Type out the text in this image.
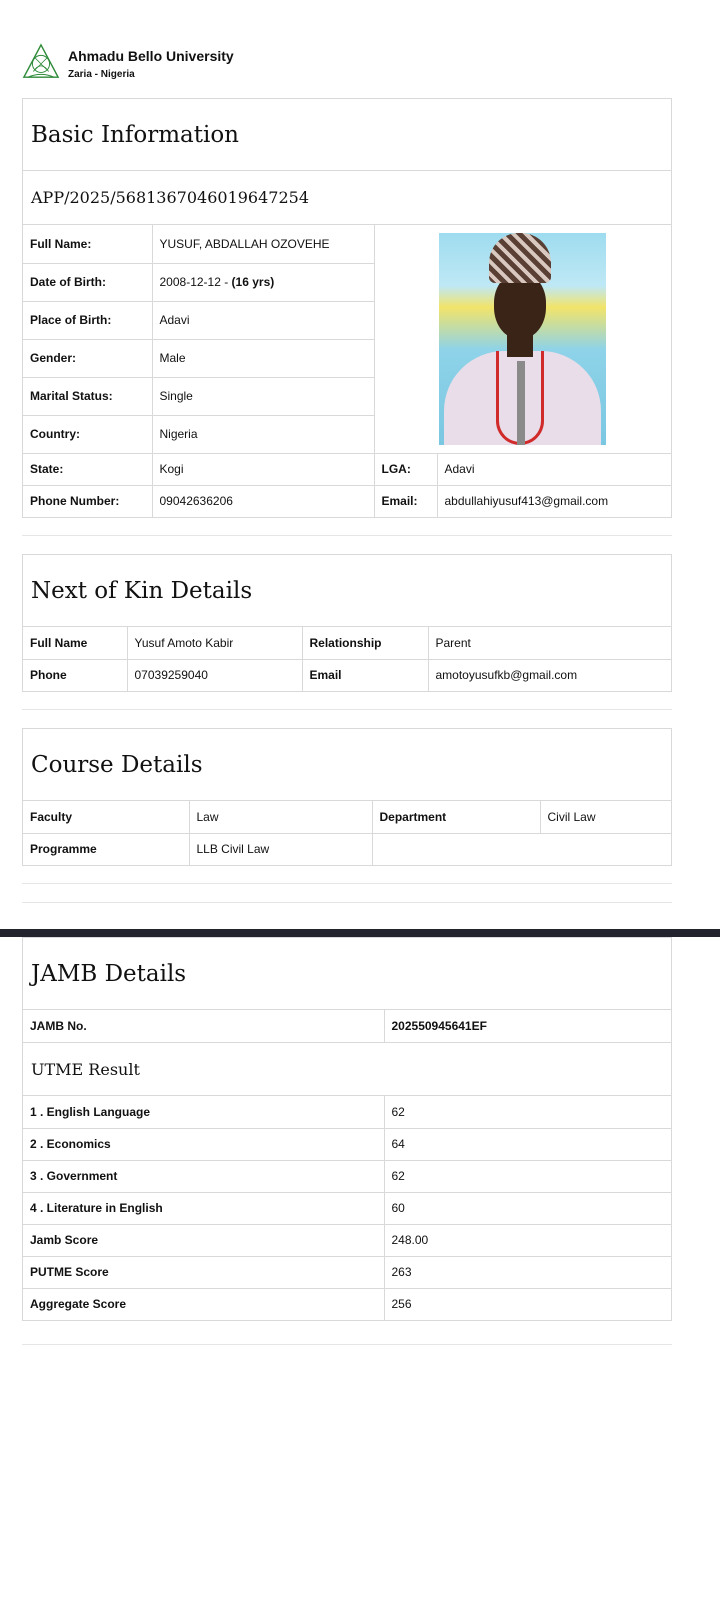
Ahmadu Bello University
Zaria - Nigeria
Basic Information
APP/2025/5681367046019647254
Full Name:	YUSUF, ABDALLAH OZOVEHE		

Date of Birth:	2008-12-12 - (16 yrs)		
Place of Birth:	Adavi		
Gender:	Male		
Marital Status:	Single		
Country:	Nigeria		
State:	Kogi	LGA:	Adavi
Phone Number:	09042636206	Email:	abdullahiyusuf413@gmail.com
Next of Kin Details
Full Name	Yusuf Amoto Kabir	Relationship	Parent
Phone	07039259040	Email	amotoyusufkb@gmail.com
Course Details
Faculty	Law	Department	Civil Law
Programme	LLB Civil Law		
JAMB Details
JAMB No.	202550945641EF
UTME Result
1 . English Language	62
2 . Economics	64
3 . Government	62
4 . Literature in English	60
Jamb Score	248.00
PUTME Score	263
Aggregate Score	256
